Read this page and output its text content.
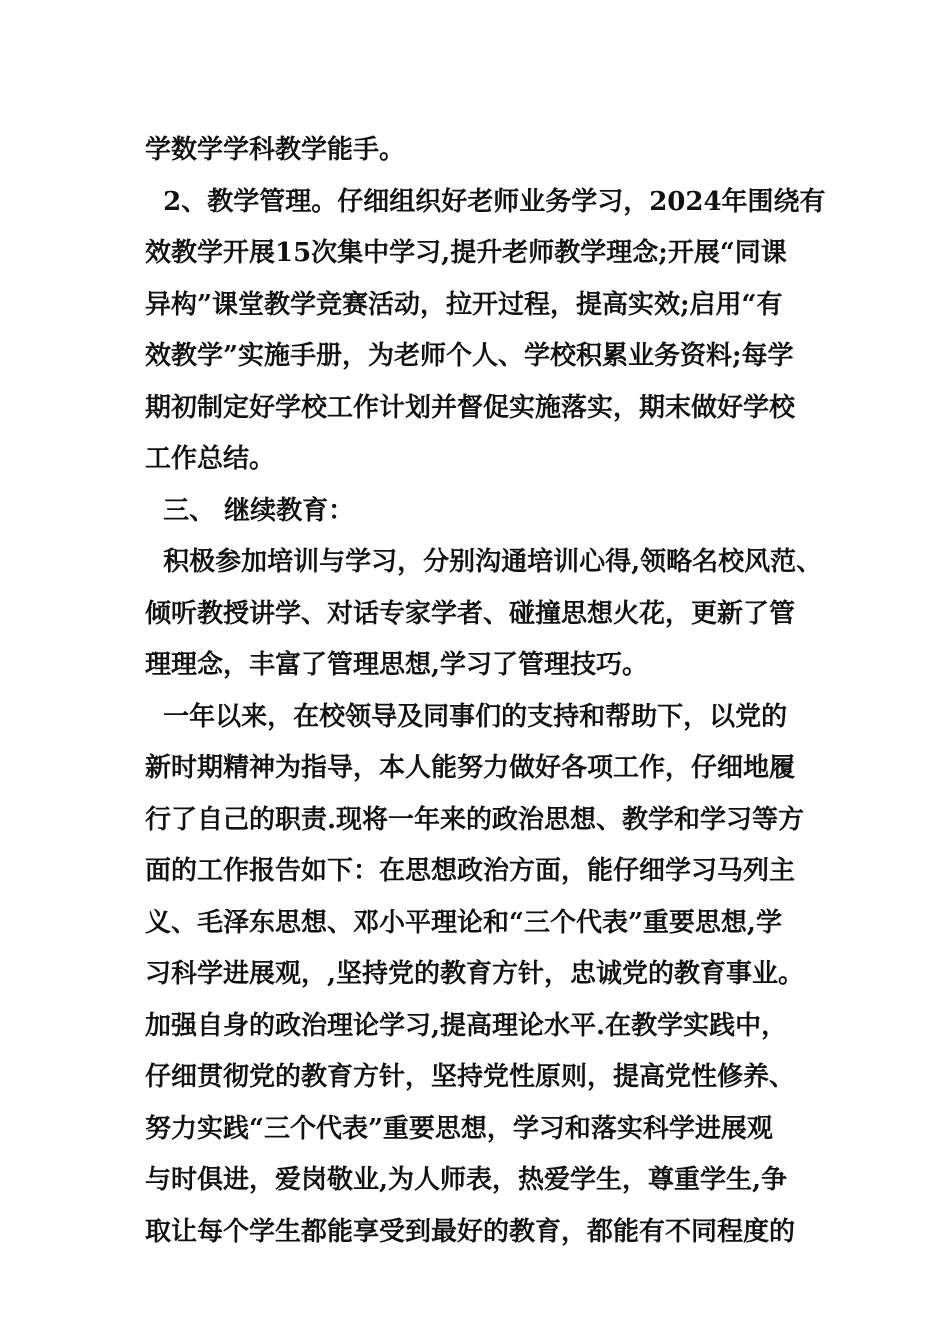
学数学学科教学能手。
2、教学管理。仔细组织好老师业务学习，2024年围绕有
效教学开展15次集中学习,提升老师教学理念;开展“同课
异构”课堂教学竞赛活动，拉开过程，提高实效;启用“有
效教学”实施手册，为老师个人、学校积累业务资料;每学
期初制定好学校工作计划并督促实施落实，期末做好学校
工作总结。
三、 继续教育：
积极参加培训与学习，分别沟通培训心得,领略名校风范、
倾听教授讲学、对话专家学者、碰撞思想火花，更新了管
理理念，丰富了管理思想,学习了管理技巧。
一年以来，在校领导及同事们的支持和帮助下，以党的
新时期精神为指导，本人能努力做好各项工作，仔细地履
行了自己的职责.现将一年来的政治思想、教学和学习等方
面的工作报告如下：在思想政治方面，能仔细学习马列主
义、毛泽东思想、邓小平理论和“三个代表”重要思想,学
习科学进展观，,坚持党的教育方针，忠诚党的教育事业。
加强自身的政治理论学习,提高理论水平.在教学实践中，
仔细贯彻党的教育方针，坚持党性原则，提高党性修养、
努力实践“三个代表”重要思想，学习和落实科学进展观
与时俱进，爱岗敬业,为人师表，热爱学生，尊重学生,争
取让每个学生都能享受到最好的教育，都能有不同程度的
